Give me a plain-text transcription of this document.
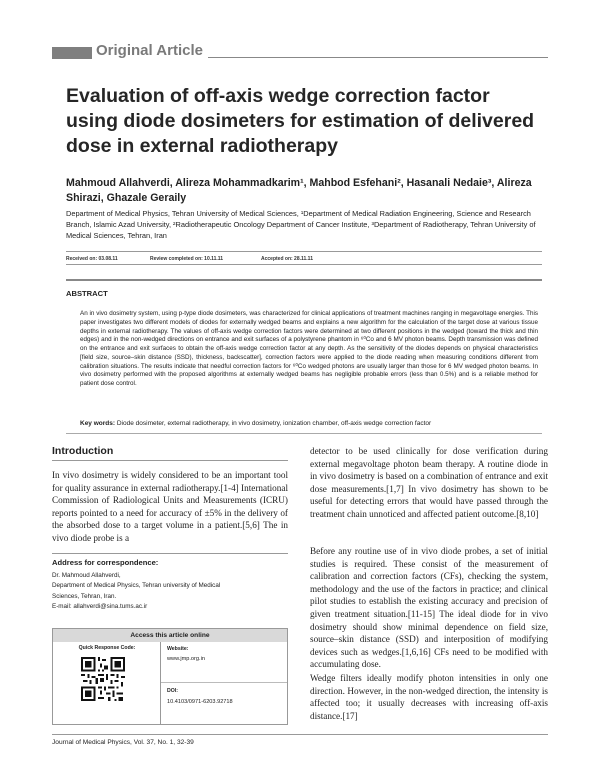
Original Article
Evaluation of off-axis wedge correction factor using diode dosimeters for estimation of delivered dose in external radiotherapy
Mahmoud Allahverdi, Alireza Mohammadkarim¹, Mahbod Esfehani², Hasanali Nedaie³, Alireza Shirazi, Ghazale Geraily
Department of Medical Physics, Tehran University of Medical Sciences, ¹Department of Medical Radiation Engineering, Science and Research Branch, Islamic Azad University, ²Radiotherapeutic Oncology Department of Cancer Institute, ³Department of Radiotherapy, Tehran University of Medical Sciences, Tehran, Iran
Received on: 03.08.11	Review completed on: 10.11.11	Accepted on: 28.11.11
ABSTRACT

An in vivo dosimetry system, using p-type diode dosimeters, was characterized for clinical applications of treatment machines ranging in megavoltage energies. This paper investigates two different models of diodes for externally wedged beams and explains a new algorithm for the calculation of the target dose at various tissue depths in external radiotherapy. The values of off-axis wedge correction factors were determined at two different positions in the wedged (toward the thick and thin edges) and in the non-wedged directions on entrance and exit surfaces of a polystyrene phantom in ⁶⁰Co and 6 MV photon beams. Depth transmission was defined on the entrance and exit surfaces to obtain the off-axis wedge correction factor at any depth. As the sensitivity of the diodes depends on physical characteristics [field size, source–skin distance (SSD), thickness, backscatter], correction factors were applied to the diode reading when measuring conditions different from calibration situations. The results indicate that needful correction factors for ⁶⁰Co wedged photons are usually larger than those for 6 MV wedged photon beams. In vivo dosimetry performed with the proposed algorithms at externally wedged beams has negligible probable errors (less than 0.5%) and is a reliable method for patient dose control.

Key words: Diode dosimeter, external radiotherapy, in vivo dosimetry, ionization chamber, off-axis wedge correction factor
Introduction

In vivo dosimetry is widely considered to be an important tool for quality assurance in external radiotherapy.[1-4] International Commission of Radiological Units and Measurements (ICRU) reports pointed to a need for accuracy of ±5% in the delivery of the absorbed dose to a target volume in a patient.[5,6] The in vivo diode probe is a

Address for correspondence:
Dr. Mahmoud Allahverdi,
Department of Medical Physics, Tehran university of Medical
Sciences, Tehran, Iran.
E-mail: allahverdi@sina.tums.ac.ir
Access this article online
Quick Response Code:	Website:
www.jmp.org.in
DOI:
10.4103/0971-6203.92718

detector to be used clinically for dose verification during external megavoltage photon beam therapy. A routine diode in in vivo dosimetry is based on a combination of entrance and exit dose measurements.[1,7] In vivo dosimetry has shown to be useful for detecting errors that would have passed through the treatment chain unnoticed and affected patient outcome.[8,10]

Before any routine use of in vivo diode probes, a set of initial studies is required. These consist of the measurement of calibration and correction factors (CFs), checking the system, methodology and the use of the factors in practice; and clinical pilot studies to establish the existing accuracy and precision of given treatment situation.[11-15] The ideal diode for in vivo dosimetry should show minimal dependence on field size, source–skin distance (SSD) and interposition of modifying devices such as wedges.[1,6,16] CFs need to be modified with accumulating dose.

Wedge filters ideally modify photon intensities in only one direction. However, in the non-wedged direction, the intensity is affected too; it usually decreases with increasing off-axis distance.[17]

Journal of Medical Physics, Vol. 37, No. 1, 32-39
